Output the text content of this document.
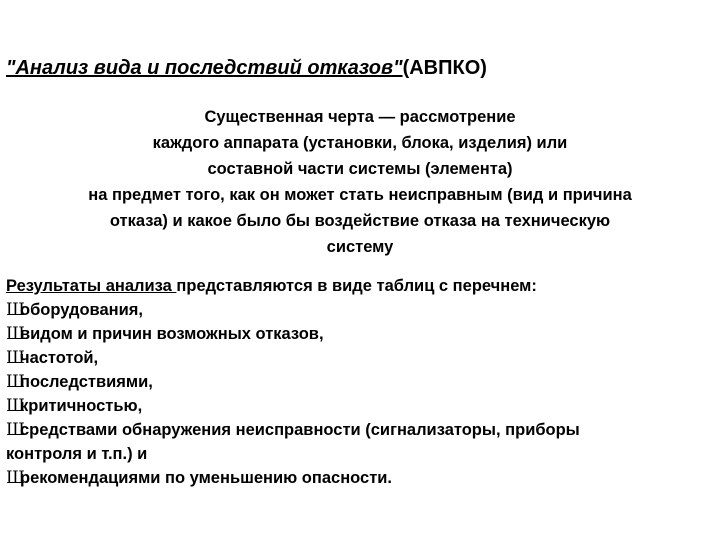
"Анализ вида и последствий отказов"(АВПКО)
Существенная черта — рассмотрение
каждого аппарата (установки, блока, изделия) или
составной части системы (элемента)
на предмет того, как он может стать неисправным (вид и причина
отказа) и какое было бы воздействие отказа на техническую
систему
Результаты анализа представляются в виде таблиц с перечнем:
Шоборудования,
Швидом и причин возможных отказов,
Шчастотой,
Шпоследствиями,
Шкритичностью,
Шсредствами обнаружения неисправности (сигнализаторы, приборы
контроля и т.п.) и
Шрекомендациями по уменьшению опасности.
